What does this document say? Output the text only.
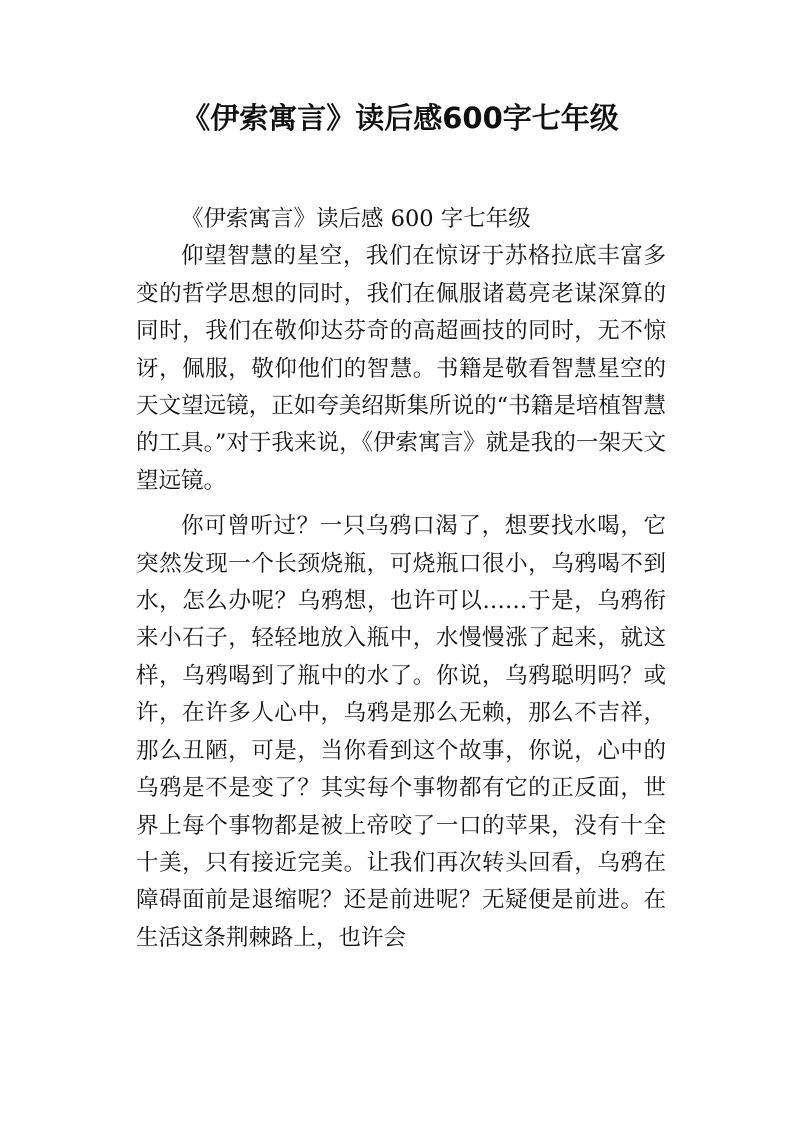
《伊索寓言》读后感600字七年级

《伊索寓言》读后感 600 字七年级

仰望智慧的星空，我们在惊讶于苏格拉底丰富多变的哲学思想的同时，我们在佩服诸葛亮老谋深算的同时，我们在敬仰达芬奇的高超画技的同时，无不惊讶，佩服，敬仰他们的智慧。书籍是敬看智慧星空的天文望远镜，正如夸美绍斯集所说的“书籍是培植智慧的工具。”对于我来说，《伊索寓言》就是我的一架天文望远镜。

你可曾听过？一只乌鸦口渴了，想要找水喝，它突然发现一个长颈烧瓶，可烧瓶口很小，乌鸦喝不到水，怎么办呢？乌鸦想，也许可以……于是，乌鸦衔来小石子，轻轻地放入瓶中，水慢慢涨了起来，就这样，乌鸦喝到了瓶中的水了。你说，乌鸦聪明吗？或许，在许多人心中，乌鸦是那么无赖，那么不吉祥，那么丑陋，可是，当你看到这个故事，你说，心中的乌鸦是不是变了？其实每个事物都有它的正反面，世界上每个事物都是被上帝咬了一口的苹果，没有十全十美，只有接近完美。让我们再次转头回看，乌鸦在障碍面前是退缩呢？还是前进呢？无疑便是前进。在生活这条荆棘路上，也许会
